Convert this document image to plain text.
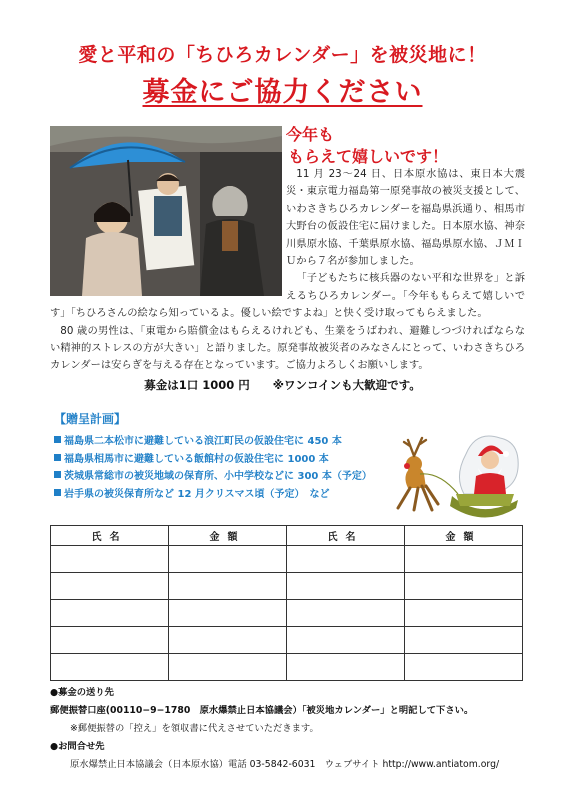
愛と平和の「ちひろカレンダー」を被災地に！
募金にご協力ください
今年も
もらえて嬉しいです！

11 月 23〜24 日、日本原水協は、東日本大震災・東京電力福島第一原発事故の被災支援として、いわさきちひろカレンダーを福島県浜通り、相馬市大野台の仮設住宅に届けました。日本原水協、神奈川県原水協、千葉県原水協、福島県原水協、ＪＭＩＵから７名が参加しました。

「子どもたちに核兵器のない平和な世界を」と訴えるちひろカレンダー。「今年ももらえて嬉しいです」「ちひろさんの絵なら知っているよ。優しい絵ですよね」と快く受け取ってもらえました。

80 歳の男性は、「東電から賠償金はもらえるけれども、生業をうばわれ、避難しつづければならない精神的ストレスの方が大きい」と語りました。原発事故被災者のみなさんにとって、いわさきちひろカレンダーは安らぎを与える存在となっています。ご協力よろしくお願いします。

募金は1口 1000 円　　※ワンコインも大歓迎です。
【贈呈計画】
福島県二本松市に避難している浪江町民の仮設住宅に 450 本
福島県相馬市に避難している飯館村の仮設住宅に 1000 本
茨城県常総市の被災地域の保育所、小中学校などに 300 本（予定）
岩手県の被災保育所など 12 月クリスマス頃（予定）　など
氏名	金額	氏名	金額

●募金の送り先
郵便振替口座(00110−9−1780　原水爆禁止日本協議会）「被災地カレンダー」と明記して下さい。
※郵便振替の「控え」を領収書に代えさせていただきます。
●お問合せ先
原水爆禁止日本協議会（日本原水協）電話 03-5842-6031　ウェブサイト http://www.antiatom.org/
